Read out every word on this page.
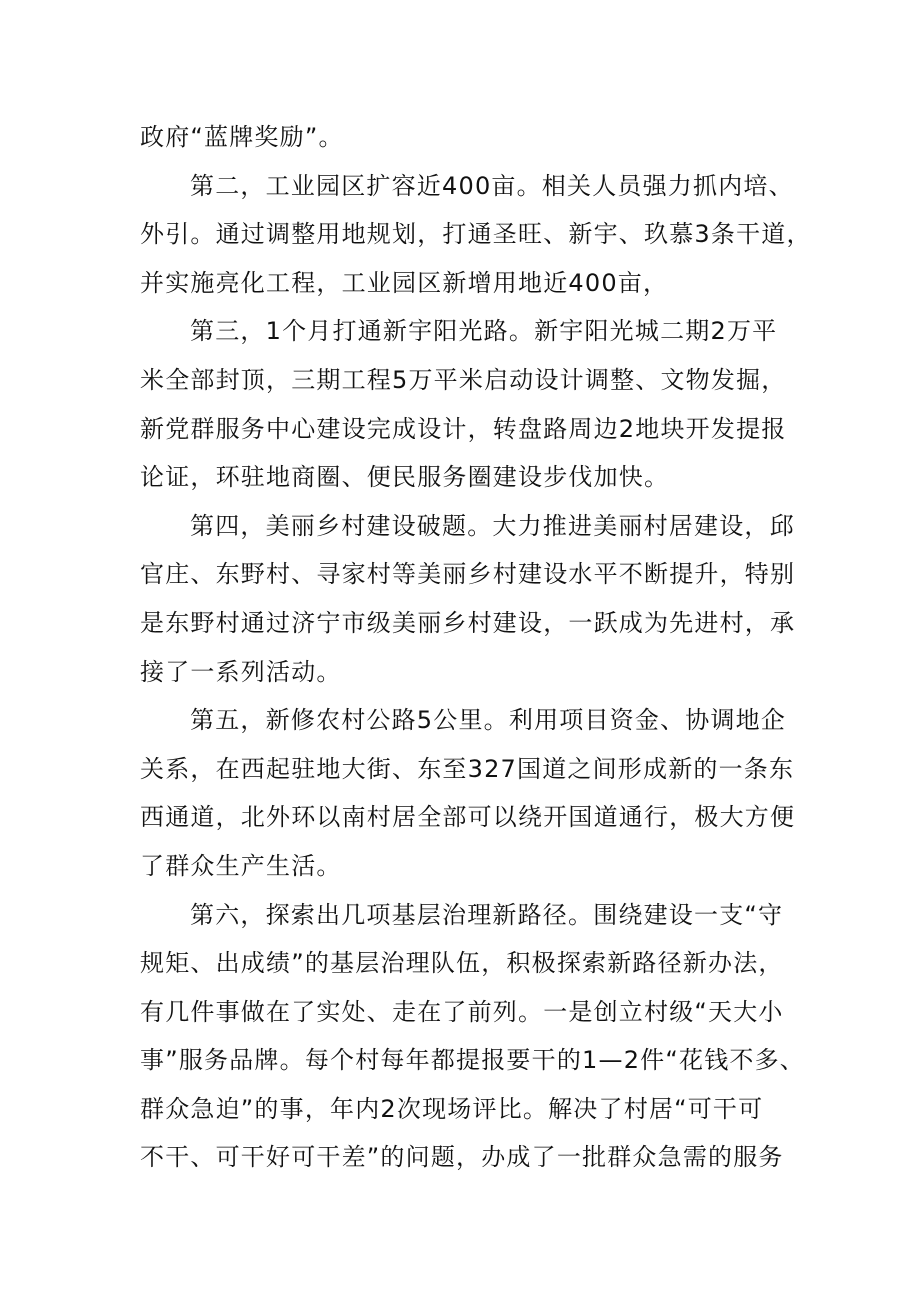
政府“蓝牌奖励”。
第二，工业园区扩容近400亩。相关人员强力抓内培、
外引。通过调整用地规划，打通圣旺、新宇、玖慕3条干道，
并实施亮化工程，工业园区新增用地近400亩，
第三，1个月打通新宇阳光路。新宇阳光城二期2万平
米全部封顶，三期工程5万平米启动设计调整、文物发掘，
新党群服务中心建设完成设计，转盘路周边2地块开发提报
论证，环驻地商圈、便民服务圈建设步伐加快。
第四，美丽乡村建设破题。大力推进美丽村居建设，邱
官庄、东野村、寻家村等美丽乡村建设水平不断提升，特别
是东野村通过济宁市级美丽乡村建设，一跃成为先进村，承
接了一系列活动。
第五，新修农村公路5公里。利用项目资金、协调地企
关系，在西起驻地大街、东至327国道之间形成新的一条东
西通道，北外环以南村居全部可以绕开国道通行，极大方便
了群众生产生活。
第六，探索出几项基层治理新路径。围绕建设一支“守
规矩、出成绩”的基层治理队伍，积极探索新路径新办法，
有几件事做在了实处、走在了前列。一是创立村级“天大小
事”服务品牌。每个村每年都提报要干的1—2件“花钱不多、
群众急迫”的事，年内2次现场评比。解决了村居“可干可
不干、可干好可干差”的问题，办成了一批群众急需的服务
